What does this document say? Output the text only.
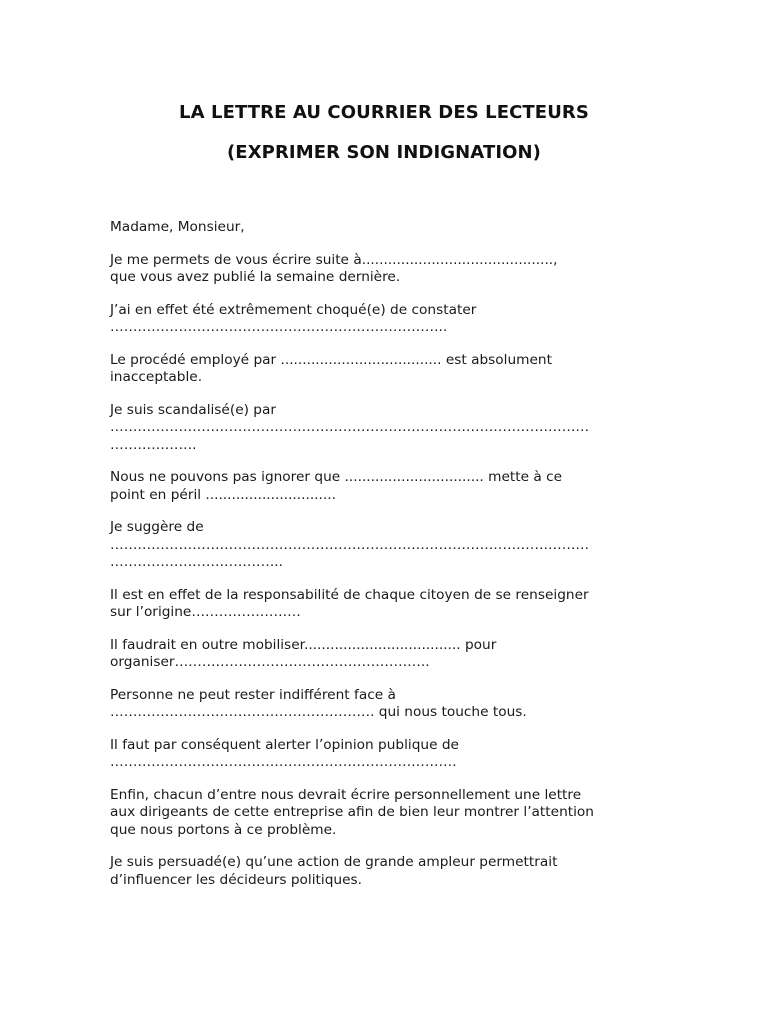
LA LETTRE AU COURRIER DES LECTEURS
(EXPRIMER SON INDIGNATION)

Madame, Monsieur,

Je me permets de vous écrire suite à............................................,
que vous avez publié la semaine dernière.

J’ai en effet été extrêmement choqué(e) de constater
………………………………………………………………..

Le procédé employé par ..................................... est absolument
inacceptable.

Je suis scandalisé(e) par
……………………………………………………………………………………………
……………….

Nous ne pouvons pas ignorer que ................................ mette à ce
point en péril ..............................

Je suggère de
……………………………………………………………………………………………
………………………………..

Il est en effet de la responsabilité de chaque citoyen de se renseigner
sur l’origine……………………

Il faudrait en outre mobiliser.................................... pour
organiser………………………………………………..

Personne ne peut rester indifférent face à
…………………………………………………. qui nous touche tous.

Il faut par conséquent alerter l’opinion publique de
………………………………………………………………….

Enfin, chacun d’entre nous devrait écrire personnellement une lettre
aux dirigeants de cette entreprise afin de bien leur montrer l’attention
que nous portons à ce problème.

Je suis persuadé(e) qu’une action de grande ampleur permettrait
d’influencer les décideurs politiques.
